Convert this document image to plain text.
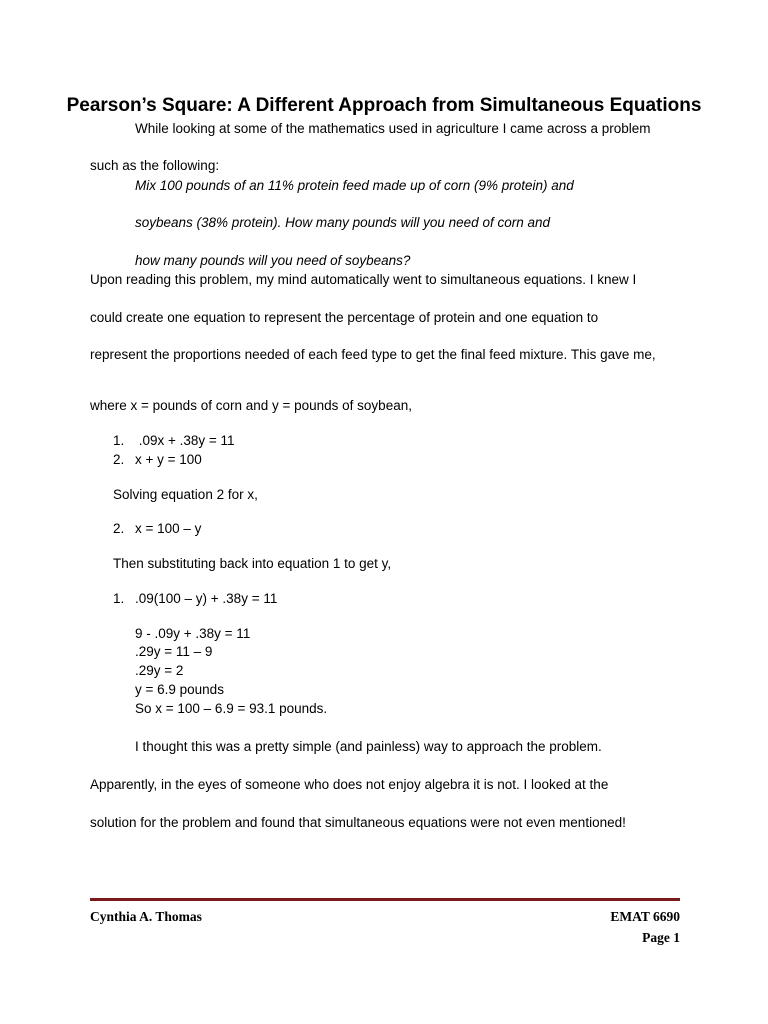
Pearson’s Square: A Different Approach from Simultaneous Equations
While looking at some of the mathematics used in agriculture I came across a problem
such as the following:
Mix 100 pounds of an 11% protein feed made up of corn (9% protein) and
soybeans (38% protein). How many pounds will you need of corn and
how many pounds will you need of soybeans?
Upon reading this problem, my mind automatically went to simultaneous equations. I knew I
could create one equation to represent the percentage of protein and one equation to
represent the proportions needed of each feed type to get the final feed mixture. This gave me,
where x = pounds of corn and y = pounds of soybean,
1. .09x + .38y = 11
2. x + y = 100
Solving equation 2 for x,
2. x = 100 – y
Then substituting back into equation 1 to get y,
1. .09(100 – y) + .38y = 11
9 - .09y + .38y = 11
.29y = 11 – 9
.29y = 2
y = 6.9 pounds
So x = 100 – 6.9 = 93.1 pounds.
I thought this was a pretty simple (and painless) way to approach the problem.
Apparently, in the eyes of someone who does not enjoy algebra it is not. I looked at the
solution for the problem and found that simultaneous equations were not even mentioned!
Cynthia A. Thomas	EMAT 6690
Page 1
